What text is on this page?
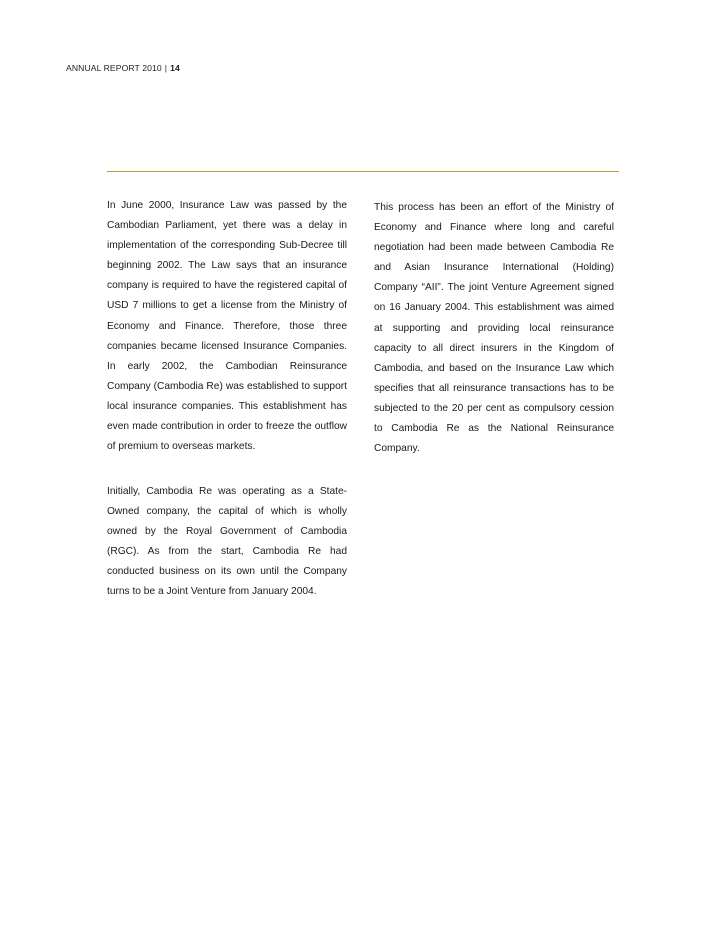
ANNUAL REPORT 2010 | 14

In June 2000, Insurance Law was passed by the Cambodian Parliament, yet there was a delay in implementation of the corresponding Sub-Decree till beginning 2002. The Law says that an insurance company is required to have the registered capital of USD 7 millions to get a license from the Ministry of Economy and Finance. Therefore, those three companies became licensed Insurance Companies. In early 2002, the Cambodian Reinsurance Company (Cambodia Re) was established to support local insurance companies. This establishment has even made contribution in order to freeze the outflow of premium to overseas markets.

Initially, Cambodia Re was operating as a State-Owned company, the capital of which is wholly owned by the Royal Government of Cambodia (RGC). As from the start, Cambodia Re had conducted business on its own until the Company turns to be a Joint Venture from January 2004.

This process has been an effort of the Ministry of Economy and Finance where long and careful negotiation had been made between Cambodia Re and Asian Insurance International (Holding) Company “AII”. The joint Venture Agreement signed on 16 January 2004. This establishment was aimed at supporting and providing local reinsurance capacity to all direct insurers in the Kingdom of Cambodia, and based on the Insurance Law which specifies that all reinsurance transactions has to be subjected to the 20 per cent as compulsory cession to Cambodia Re as the National Reinsurance Company.
